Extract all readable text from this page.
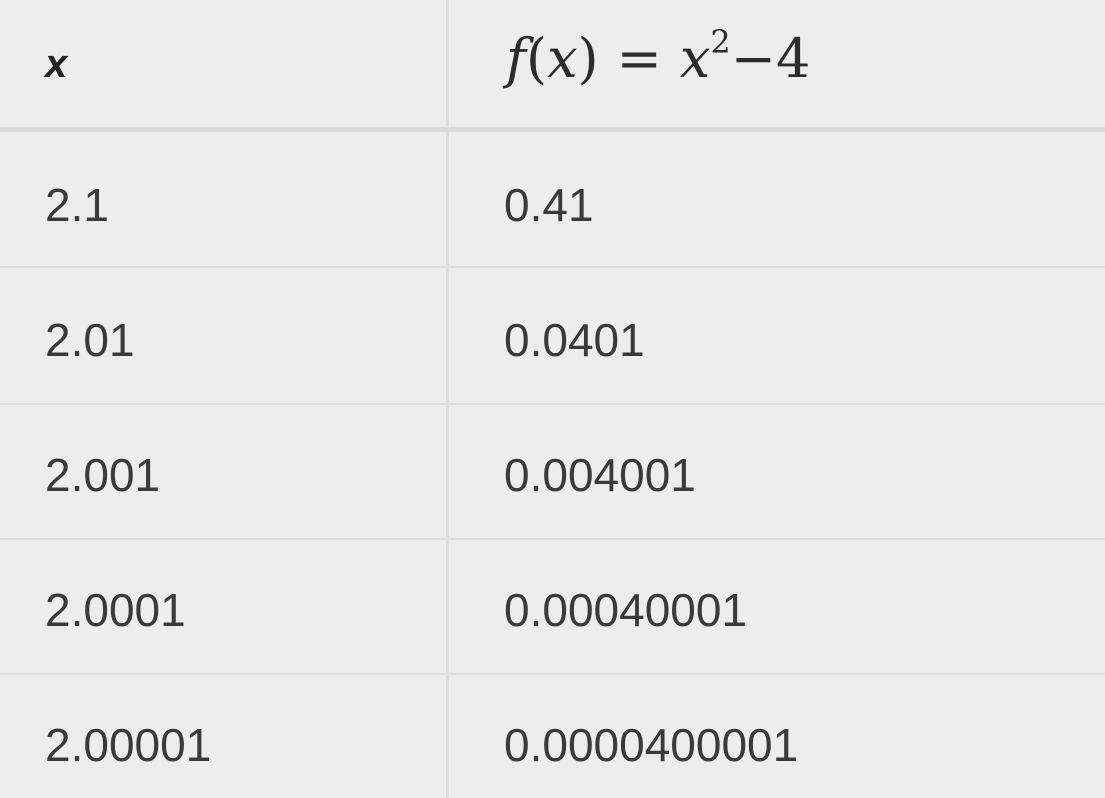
x	$f(x) = x^2-4$
2.1	0.41
2.01	0.0401
2.001	0.004001
2.0001	0.00040001
2.00001	0.0000400001
